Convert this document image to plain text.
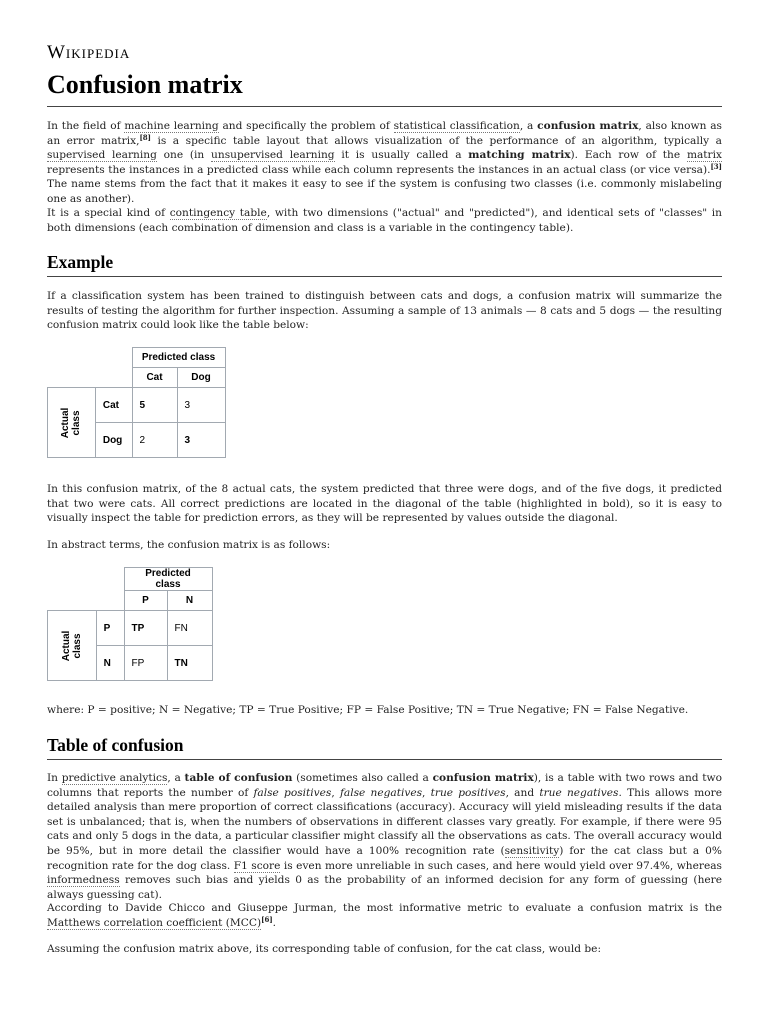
Wikipedia
Confusion matrix

In the field of machine learning and specifically the problem of statistical classification, a confusion matrix, also known as an error matrix,[8] is a specific table layout that allows visualization of the performance of an algorithm, typically a supervised learning one (in unsupervised learning it is usually called a matching matrix). Each row of the matrix represents the instances in a predicted class while each column represents the instances in an actual class (or vice versa).[3] The name stems from the fact that it makes it easy to see if the system is confusing two classes (i.e. commonly mislabeling one as another).

It is a special kind of contingency table, with two dimensions ("actual" and "predicted"), and identical sets of "classes" in both dimensions (each combination of dimension and class is a variable in the contingency table).

Example

If a classification system has been trained to distinguish between cats and dogs, a confusion matrix will summarize the results of testing the algorithm for further inspection. Assuming a sample of 13 animals — 8 cats and 5 dogs — the resulting confusion matrix could look like the table below:

		Predicted class	
		Cat	Dog
Actual class	Cat	5	3
	Dog	2	3

In this confusion matrix, of the 8 actual cats, the system predicted that three were dogs, and of the five dogs, it predicted that two were cats. All correct predictions are located in the diagonal of the table (highlighted in bold), so it is easy to visually inspect the table for prediction errors, as they will be represented by values outside the diagonal.

In abstract terms, the confusion matrix is as follows:

		Predicted class	
		P	N
Actual class	P	TP	FN
	N	FP	TN

where: P = positive; N = Negative; TP = True Positive; FP = False Positive; TN = True Negative; FN = False Negative.

Table of confusion

In predictive analytics, a table of confusion (sometimes also called a confusion matrix), is a table with two rows and two columns that reports the number of false positives, false negatives, true positives, and true negatives. This allows more detailed analysis than mere proportion of correct classifications (accuracy). Accuracy will yield misleading results if the data set is unbalanced; that is, when the numbers of observations in different classes vary greatly. For example, if there were 95 cats and only 5 dogs in the data, a particular classifier might classify all the observations as cats. The overall accuracy would be 95%, but in more detail the classifier would have a 100% recognition rate (sensitivity) for the cat class but a 0% recognition rate for the dog class. F1 score is even more unreliable in such cases, and here would yield over 97.4%, whereas informedness removes such bias and yields 0 as the probability of an informed decision for any form of guessing (here always guessing cat).

According to Davide Chicco and Giuseppe Jurman, the most informative metric to evaluate a confusion matrix is the Matthews correlation coefficient (MCC)[6].

Assuming the confusion matrix above, its corresponding table of confusion, for the cat class, would be:
